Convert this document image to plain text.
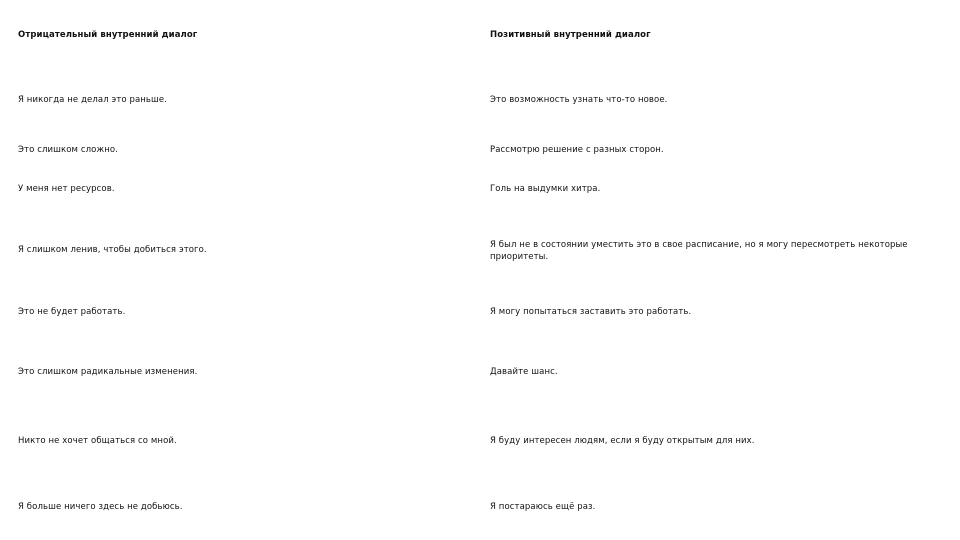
Отрицательный внутренний диалог	Позитивный внутренний диалог
Я никогда не делал это раньше.	Это возможность узнать что-то новое.
Это слишком сложно.	Рассмотрю решение с разных сторон.
У меня нет ресурсов.	Голь на выдумки хитра.
Я слишком ленив, чтобы добиться этого.	Я был не в состоянии уместить это в свое расписание, но я могу пересмотреть некоторые приоритеты.
Это не будет работать.	Я могу попытаться заставить это работать.
Это слишком радикальные изменения.	Давайте шанс.
Никто не хочет общаться со мной.	Я буду интересен людям, если я буду открытым для них.
Я больше ничего здесь не добьюсь.	Я постараюсь ещё раз.
